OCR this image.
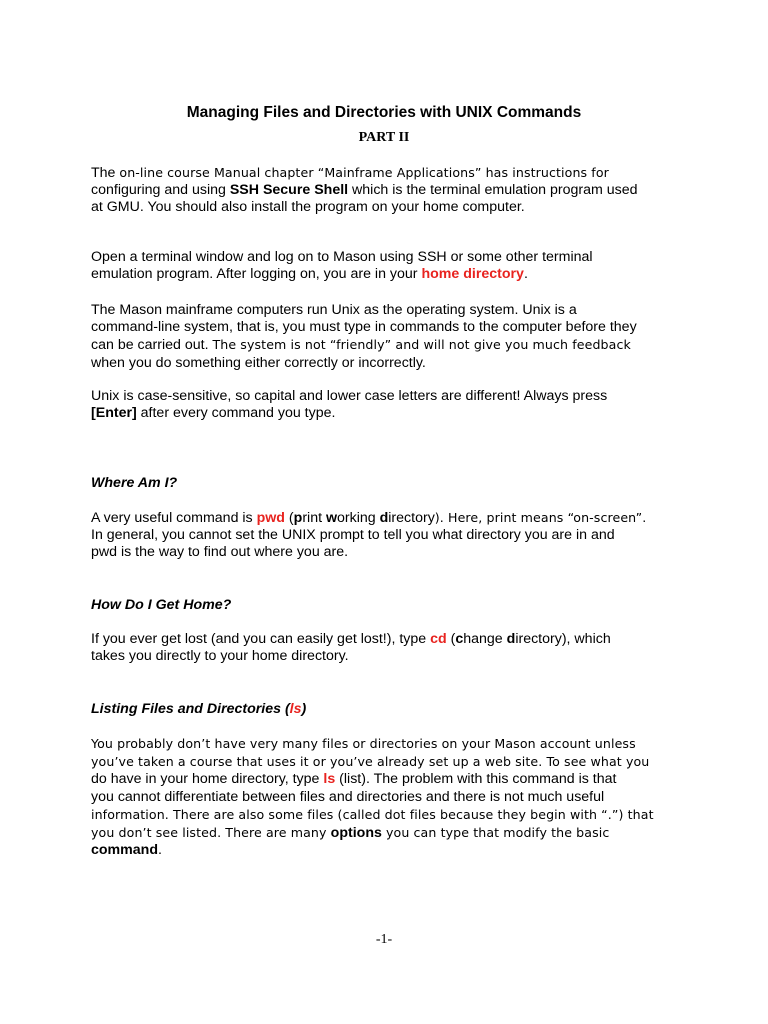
Managing Files and Directories with UNIX Commands
PART II
The on-line course Manual chapter “Mainframe Applications” has instructions for
configuring and using SSH Secure Shell which is the terminal emulation program used
at GMU. You should also install the program on your home computer.
Open a terminal window and log on to Mason using SSH or some other terminal
emulation program. After logging on, you are in your home directory.
The Mason mainframe computers run Unix as the operating system. Unix is a
command-line system, that is, you must type in commands to the computer before they
can be carried out. The system is not “friendly” and will not give you much feedback
when you do something either correctly or incorrectly.
Unix is case-sensitive, so capital and lower case letters are different! Always press
[Enter] after every command you type.
Where Am I?
A very useful command is pwd (print working directory). Here, print means “on-screen”.
In general, you cannot set the UNIX prompt to tell you what directory you are in and
pwd is the way to find out where you are.
How Do I Get Home?
If you ever get lost (and you can easily get lost!), type cd (change directory), which
takes you directly to your home directory.
Listing Files and Directories (ls)
You probably don’t have very many files or directories on your Mason account unless
you’ve taken a course that uses it or you’ve already set up a web site. To see what you
do have in your home directory, type ls (list). The problem with this command is that
you cannot differentiate between files and directories and there is not much useful
information. There are also some files (called dot files because they begin with “.”) that
you don’t see listed. There are many options you can type that modify the basic
command.
-1-
